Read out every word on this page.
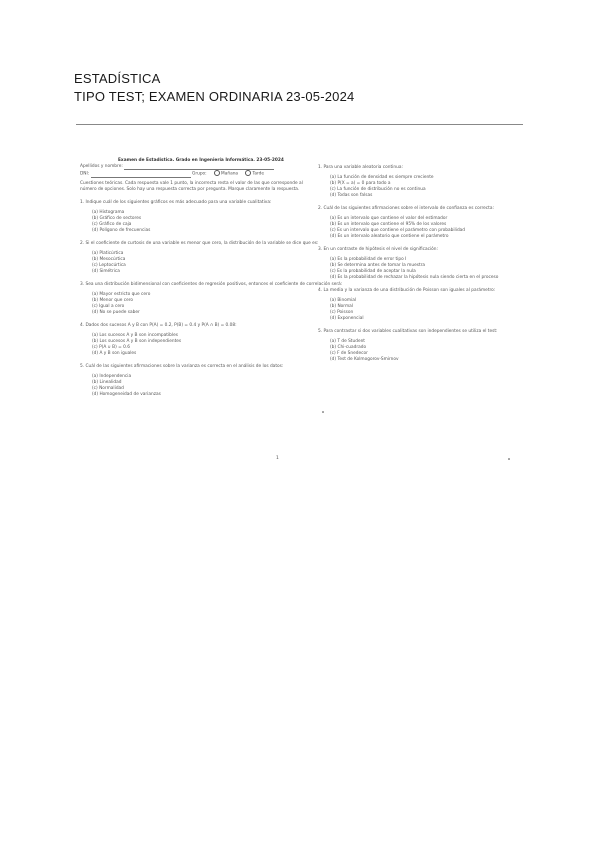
ESTADÍSTICA
TIPO TEST; EXAMEN ORDINARIA 23-05-2024
Examen de Estadística. Grado en Ingeniería Informática. 23-05-2024
Apellidos y nombre:
DNI:	Grupo:	Mañana	Tarde
Cuestiones teóricas. Cada respuesta vale 1 punto, la incorrecta resta el valor de las que corresponde al
número de opciones. Solo hay una respuesta correcta por pregunta. Marque claramente la respuesta.
1. Indique cuál de los siguientes gráficos es más adecuado para una variable cualitativa:
(a) Histograma
(b) Gráfico de sectores
(c) Gráfico de caja
(d) Polígono de frecuencias
2. Si el coeficiente de curtosis de una variable es menor que cero, la distribución de la variable se dice que es:
(a) Platicúrtica
(b) Mesocúrtica
(c) Leptocúrtica
(d) Simétrica
3. Sea una distribución bidimensional con coeficientes de regresión positivos, entonces el coeficiente de correlación será:
(a) Mayor estricto que cero
(b) Menor que cero
(c) Igual a cero
(d) No se puede saber
4. Dados dos sucesos A y B con P(A) = 0.2, P(B) = 0.4 y P(A ∩ B) = 0.08:
(a) Los sucesos A y B son incompatibles
(b) Los sucesos A y B son independientes
(c) P(A ∪ B) = 0.6
(d) A y B son iguales
5. Cuál de las siguientes afirmaciones sobre la varianza es correcta en el análisis de los datos:
(a) Independencia
(b) Linealidad
(c) Normalidad
(d) Homogeneidad de varianzas
1
1. Para una variable aleatoria continua:
(a) La función de densidad es siempre creciente
(b) P(X = a) = 0 para todo a
(c) La función de distribución no es continua
(d) Todas son falsas
2. Cuál de las siguientes afirmaciones sobre el intervalo de confianza es correcta:
(a) Es un intervalo que contiene el valor del estimador
(b) Es un intervalo que contiene el 95% de los valores
(c) Es un intervalo que contiene el parámetro con probabilidad
(d) Es un intervalo aleatorio que contiene el parámetro
3. En un contraste de hipótesis el nivel de significación:
(a) Es la probabilidad de error tipo I
(b) Se determina antes de tomar la muestra
(c) Es la probabilidad de aceptar la nula
(d) Es la probabilidad de rechazar la hipótesis nula siendo cierta en el proceso
4. La media y la varianza de una distribución de Poisson son iguales al parámetro:
(a) Binomial
(b) Normal
(c) Poisson
(d) Exponencial
5. Para contrastar si dos variables cualitativas son independientes se utiliza el test:
(a) T de Student
(b) Chi-cuadrado
(c) F de Snedecor
(d) Test de Kolmogorov-Smirnov
